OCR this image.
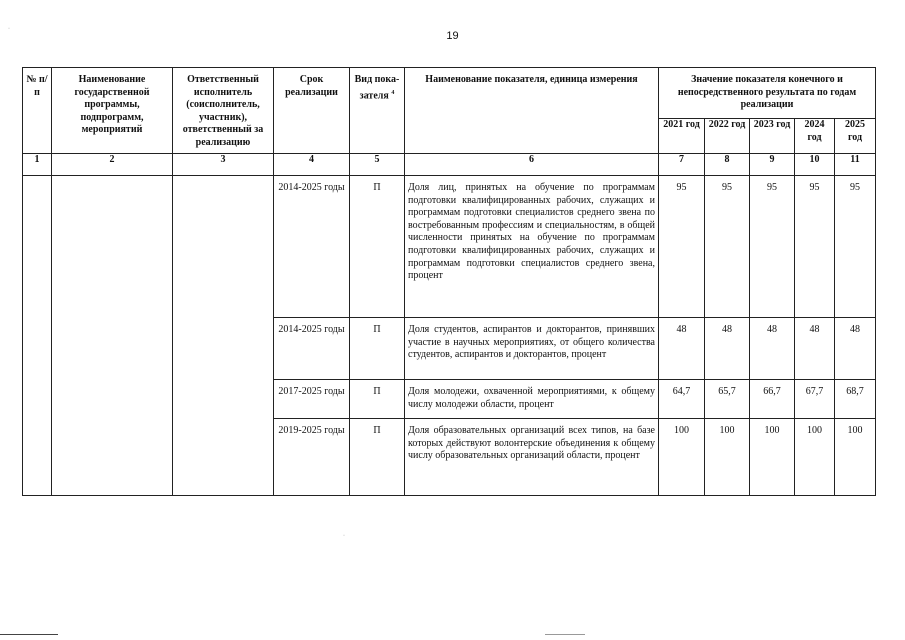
19
№ п/п	Наименование государственной программы, подпрограмм, мероприятий	Ответственный исполнитель (соисполнитель, участник), ответственный за реализацию	Срок реализации	Вид пока-зателя $^4$	Наименование показателя, единица измерения	Значение показателя конечного и непосредственного результата по годам реализации				
						2021 год	2022 год	2023 год	2024 год	2025 год
1	2	3	4	5	6	7	8	9	10	11
			2014-2025 годы	П	Доля лиц, принятых на обучение по программам подготовки квалифицированных рабочих, служащих и программам подготовки специалистов среднего звена по востребованным профессиям и специальностям, в общей численности принятых на обучение по программам подготовки квалифицированных рабочих, служащих и программам подготовки специалистов среднего звена, процент	95	95	95	95	95
			2014-2025 годы	П	Доля студентов, аспирантов и докторантов, принявших участие в научных мероприятиях, от общего количества студентов, аспирантов и докторантов, процент	48	48	48	48	48
			2017-2025 годы	П	Доля молодежи, охваченной мероприятиями, к общему числу молодежи области, процент	64,7	65,7	66,7	67,7	68,7
			2019-2025 годы	П	Доля образовательных организаций всех типов, на базе которых действуют волонтерские объединения к общему числу образовательных организаций области, процент	100	100	100	100	100
·
·
